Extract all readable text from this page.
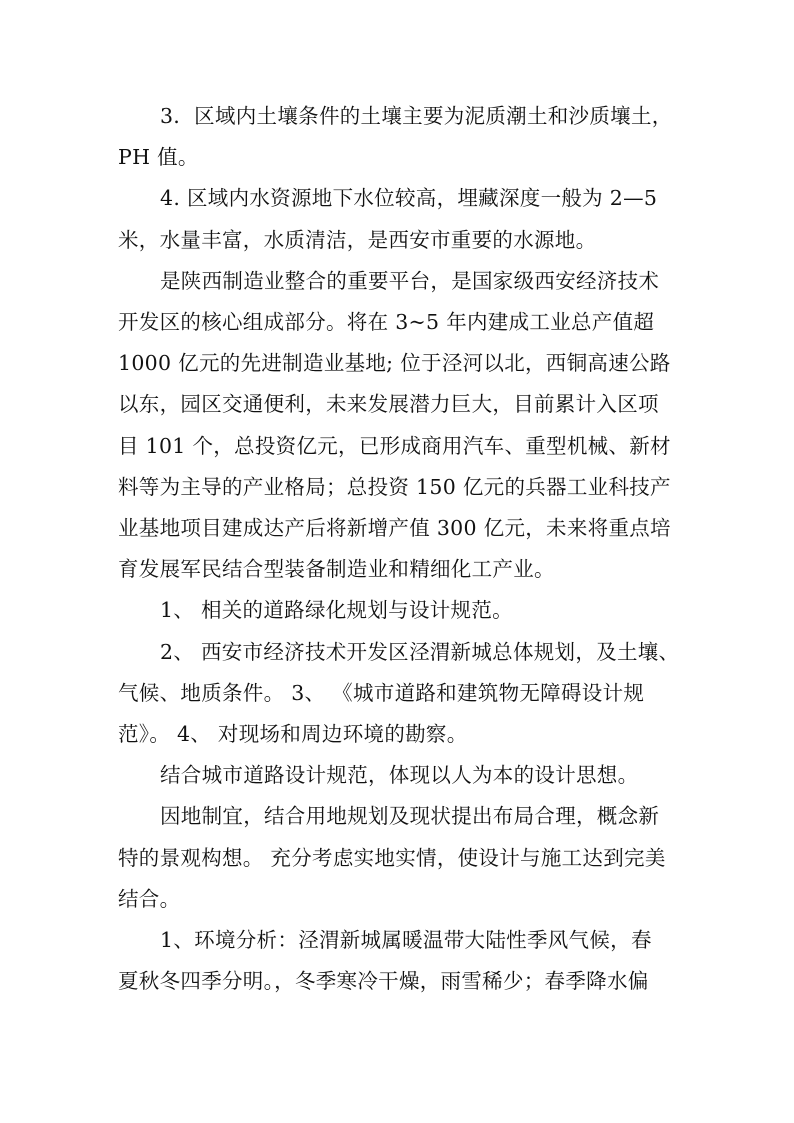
3．区域内土壤条件的土壤主要为泥质潮土和沙质壤土，
PH 值。

4. 区域内水资源地下水位较高，埋藏深度一般为 2—5
米，水量丰富，水质清洁，是西安市重要的水源地。

是陕西制造业整合的重要平台，是国家级西安经济技术
开发区的核心组成部分。将在 3~5 年内建成工业总产值超
1000 亿元的先进制造业基地; 位于泾河以北，西铜高速公路
以东，园区交通便利，未来发展潜力巨大，目前累计入区项
目 101 个，总投资亿元，已形成商用汽车、重型机械、新材
料等为主导的产业格局；总投资 150 亿元的兵器工业科技产
业基地项目建成达产后将新增产值 300 亿元，未来将重点培
育发展军民结合型装备制造业和精细化工产业。

1、 相关的道路绿化规划与设计规范。

2、 西安市经济技术开发区泾渭新城总体规划，及土壤、
气候、地质条件。 3、 《城市道路和建筑物无障碍设计规
范》。 4、 对现场和周边环境的勘察。

结合城市道路设计规范，体现以人为本的设计思想。

因地制宜，结合用地规划及现状提出布局合理，概念新
特的景观构想。 充分考虑实地实情，使设计与施工达到完美
结合。

1、环境分析：泾渭新城属暖温带大陆性季风气候，春
夏秋冬四季分明。，冬季寒冷干燥，雨雪稀少；春季降水偏
